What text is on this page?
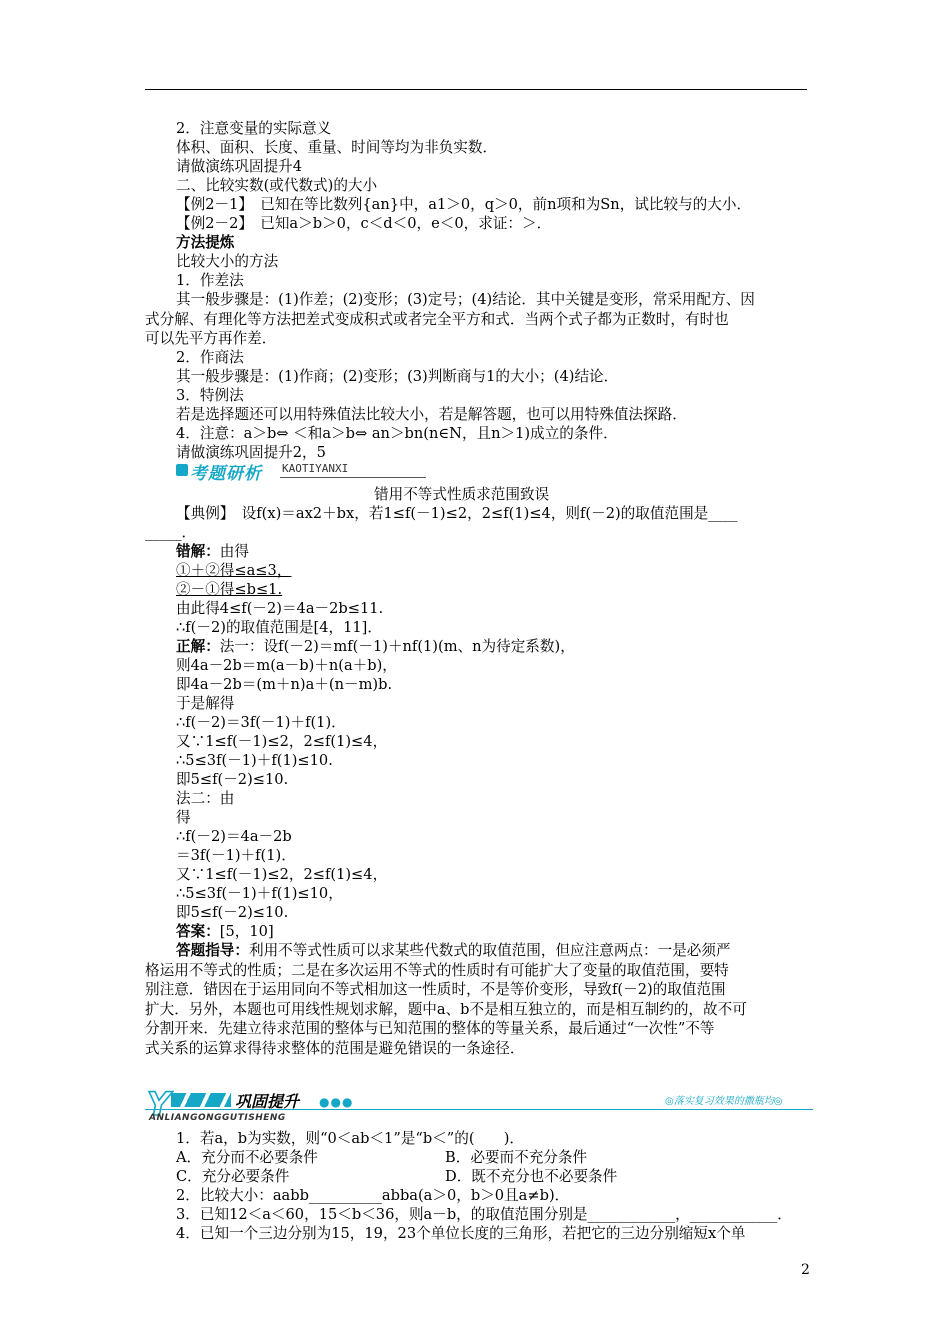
2．注意变量的实际意义
体积、面积、长度、重量、时间等均为非负实数．
请做演练巩固提升4
二、比较实数(或代数式)的大小
【例2－1】　已知在等比数列{an}中，a1＞0，q＞0，前n项和为Sn，试比较与的大小．
【例2－2】　已知a＞b＞0，c＜d＜0，e＜0，求证：＞．
方法提炼
比较大小的方法
1．作差法
其一般步骤是：(1)作差；(2)变形；(3)定号；(4)结论．其中关键是变形，常采用配方、因
式分解、有理化等方法把差式变成积式或者完全平方和式．当两个式子都为正数时，有时也
可以先平方再作差．
2．作商法
其一般步骤是：(1)作商；(2)变形；(3)判断商与1的大小；(4)结论．
3．特例法
若是选择题还可以用特殊值法比较大小，若是解答题，也可以用特殊值法探路．
4．注意：a＞b⇔ ＜和a＞b⇔ an＞bn(n∈N，且n＞1)成立的条件．
请做演练巩固提升2，5
错用不等式性质求范围致误
【典例】　设f(x)＝ax2＋bx，若1≤f(－1)≤2，2≤f(1)≤4，则f(－2)的取值范围是____
_____．
错解：由得
①＋②得≤a≤3，
②－①得≤b≤1.
由此得4≤f(－2)＝4a－2b≤11.
∴f(－2)的取值范围是[4，11]．
正解：法一：设f(－2)＝mf(－1)＋nf(1)(m、n为待定系数)，
则4a－2b＝m(a－b)＋n(a＋b)，
即4a－2b＝(m＋n)a＋(n－m)b.
于是解得
∴f(－2)＝3f(－1)＋f(1)．
又∵1≤f(－1)≤2，2≤f(1)≤4，
∴5≤3f(－1)＋f(1)≤10.
即5≤f(－2)≤10.
法二：由
得
∴f(－2)＝4a－2b
＝3f(－1)＋f(1)．
又∵1≤f(－1)≤2，2≤f(1)≤4，
∴5≤3f(－1)＋f(1)≤10，
即5≤f(－2)≤10.
答案：[5，10]
答题指导：利用不等式性质可以求某些代数式的取值范围，但应注意两点：一是必须严
格运用不等式的性质；二是在多次运用不等式的性质时有可能扩大了变量的取值范围，要特
别注意．错因在于运用同向不等式相加这一性质时，不是等价变形，导致f(－2)的取值范围
扩大．另外，本题也可用线性规划求解，题中a、b不是相互独立的，而是相互制约的，故不可
分割开来．先建立待求范围的整体与已知范围的整体的等量关系，最后通过“一次性”不等
式关系的运算求得待求整体的范围是避免错误的一条途径．
1．若a，b为实数，则“0＜ab＜1”是“b＜”的(　　)．
A．充分而不必要条件	B．必要而不充分条件
C．充分必要条件	D．既不充分也不必要条件
2．比较大小：aabb__________abba(a＞0，b＞0且a≠b)．
3．已知12＜a＜60，15＜b＜36，则a－b，的取值范围分别是____________，____________．
4．已知一个三边分别为15，19，23个单位长度的三角形，若把它的三边分别缩短x个单
考题研析 KAOTIYANXI
Y	巩固提升 ●●●	◎落实复习效果的撒瓶均◎
ANLIANGONGGUTISHENG
2
